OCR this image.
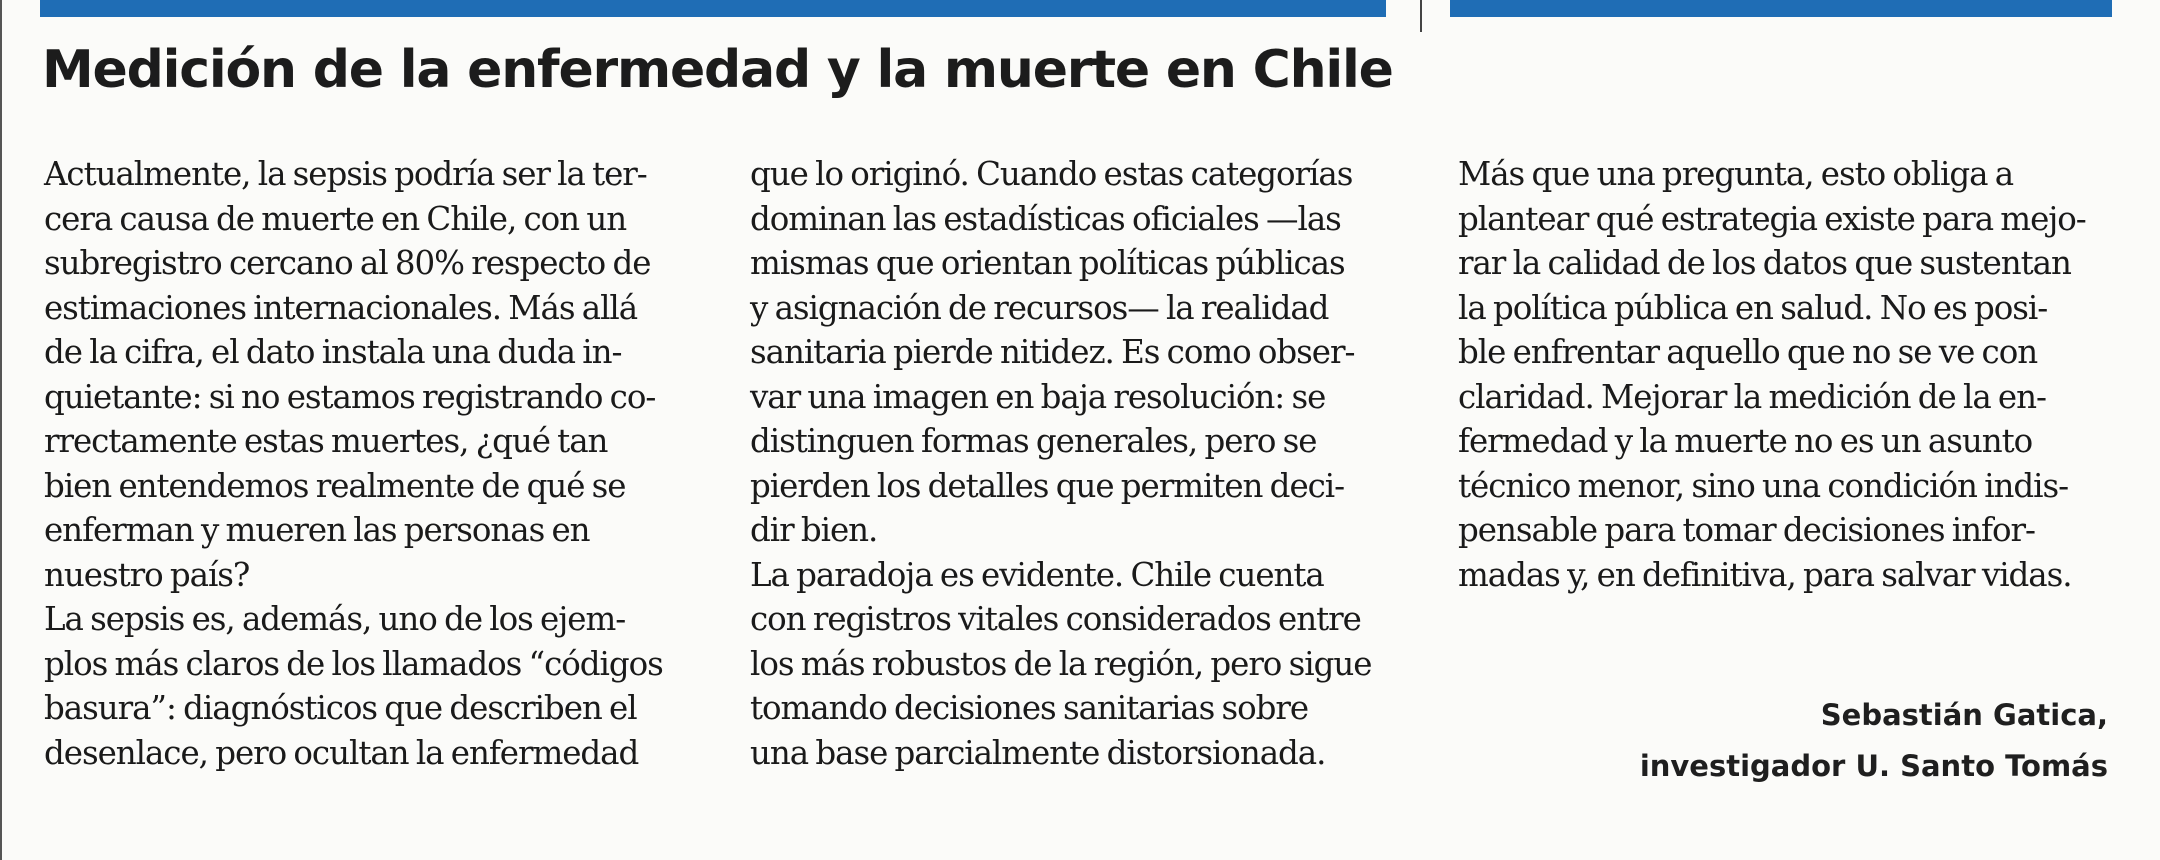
Medición de la enfermedad y la muerte en Chile
Actualmente, la sepsis podría ser la ter-
cera causa de muerte en Chile, con un
subregistro cercano al 80% respecto de
estimaciones internacionales. Más allá
de la cifra, el dato instala una duda in-
quietante: si no estamos registrando co-
rrectamente estas muertes, ¿qué tan
bien entendemos realmente de qué se
enferman y mueren las personas en
nuestro país?
La sepsis es, además, uno de los ejem-
plos más claros de los llamados “códigos
basura”: diagnósticos que describen el
desenlace, pero ocultan la enfermedad
que lo originó. Cuando estas categorías
dominan las estadísticas oficiales —las
mismas que orientan políticas públicas
y asignación de recursos— la realidad
sanitaria pierde nitidez. Es como obser-
var una imagen en baja resolución: se
distinguen formas generales, pero se
pierden los detalles que permiten deci-
dir bien.
La paradoja es evidente. Chile cuenta
con registros vitales considerados entre
los más robustos de la región, pero sigue
tomando decisiones sanitarias sobre
una base parcialmente distorsionada.
Más que una pregunta, esto obliga a
plantear qué estrategia existe para mejo-
rar la calidad de los datos que sustentan
la política pública en salud. No es posi-
ble enfrentar aquello que no se ve con
claridad. Mejorar la medición de la en-
fermedad y la muerte no es un asunto
técnico menor, sino una condición indis-
pensable para tomar decisiones infor-
madas y, en definitiva, para salvar vidas.
Sebastián Gatica,
investigador U. Santo Tomás
